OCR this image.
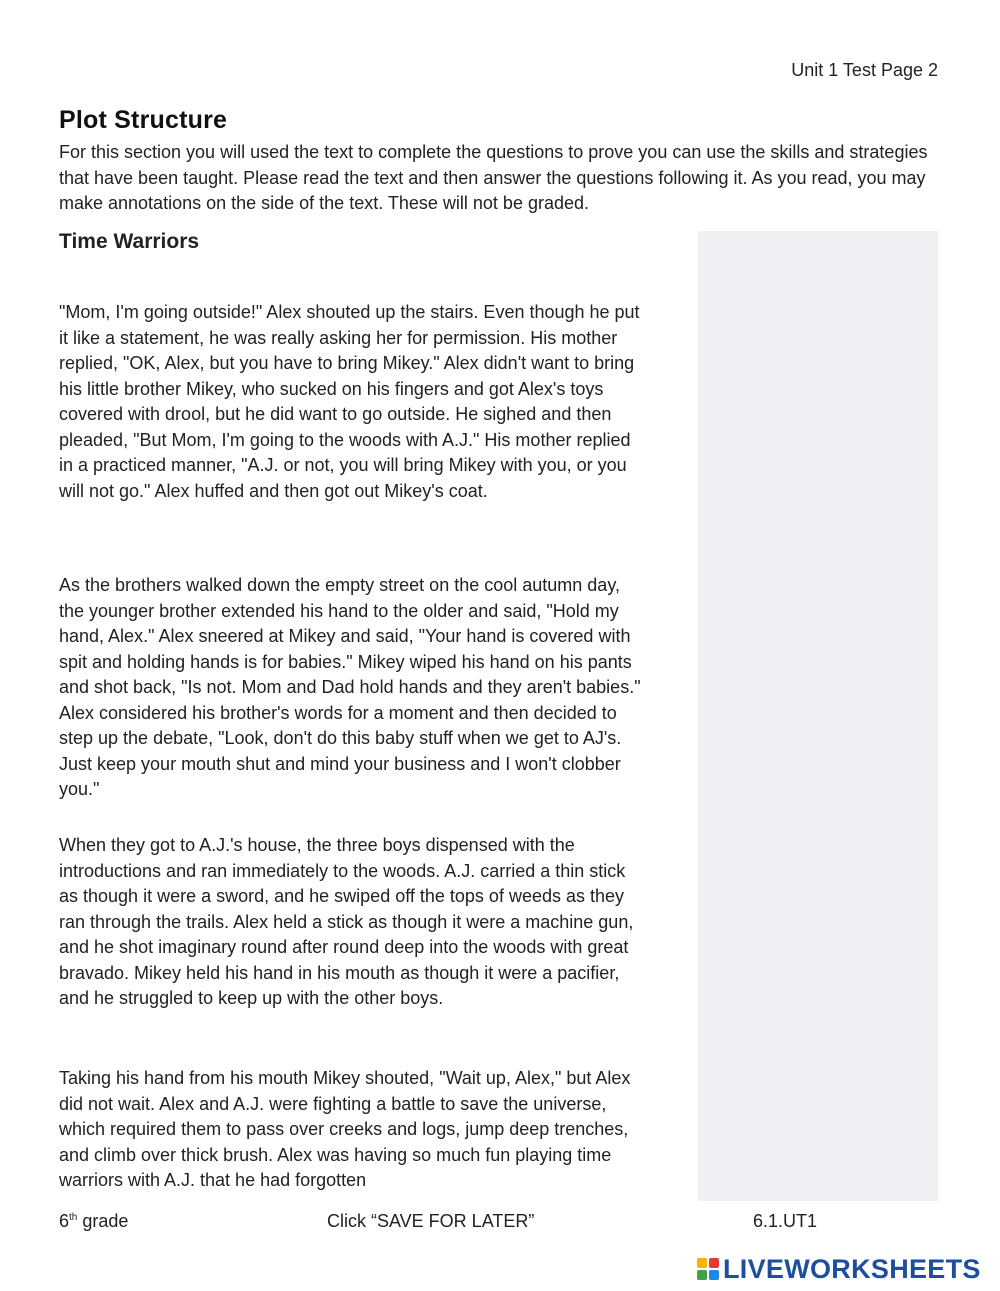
Unit 1 Test Page 2
Plot Structure
For this section you will used the text to complete the questions to prove you can use the skills and strategies that have been taught. Please read the text and then answer the questions following it. As you read, you may make annotations on the side of the text. These will not be graded.
Time Warriors

"Mom, I'm going outside!" Alex shouted up the stairs. Even though he put it like a statement, he was really asking her for permission. His mother replied, "OK, Alex, but you have to bring Mikey." Alex didn't want to bring his little brother Mikey, who sucked on his fingers and got Alex's toys covered with drool, but he did want to go outside. He sighed and then pleaded, "But Mom, I'm going to the woods with A.J." His mother replied in a practiced manner, "A.J. or not, you will bring Mikey with you, or you will not go." Alex huffed and then got out Mikey's coat.

As the brothers walked down the empty street on the cool autumn day, the younger brother extended his hand to the older and said, "Hold my hand, Alex." Alex sneered at Mikey and said, "Your hand is covered with spit and holding hands is for babies." Mikey wiped his hand on his pants and shot back, "Is not. Mom and Dad hold hands and they aren't babies." Alex considered his brother's words for a moment and then decided to step up the debate, "Look, don't do this baby stuff when we get to AJ's. Just keep your mouth shut and mind your business and I won't clobber you."

When they got to A.J.'s house, the three boys dispensed with the introductions and ran immediately to the woods. A.J. carried a thin stick as though it were a sword, and he swiped off the tops of weeds as they ran through the trails. Alex held a stick as though it were a machine gun, and he shot imaginary round after round deep into the woods with great bravado. Mikey held his hand in his mouth as though it were a pacifier, and he struggled to keep up with the other boys.

Taking his hand from his mouth Mikey shouted, "Wait up, Alex," but Alex did not wait. Alex and A.J. were fighting a battle to save the universe, which required them to pass over creeks and logs, jump deep trenches, and climb over thick brush. Alex was having so much fun playing time warriors with A.J. that he had forgotten

6th grade	Click “SAVE FOR LATER”	6.1.UT1
LIVEWORKSHEETS
